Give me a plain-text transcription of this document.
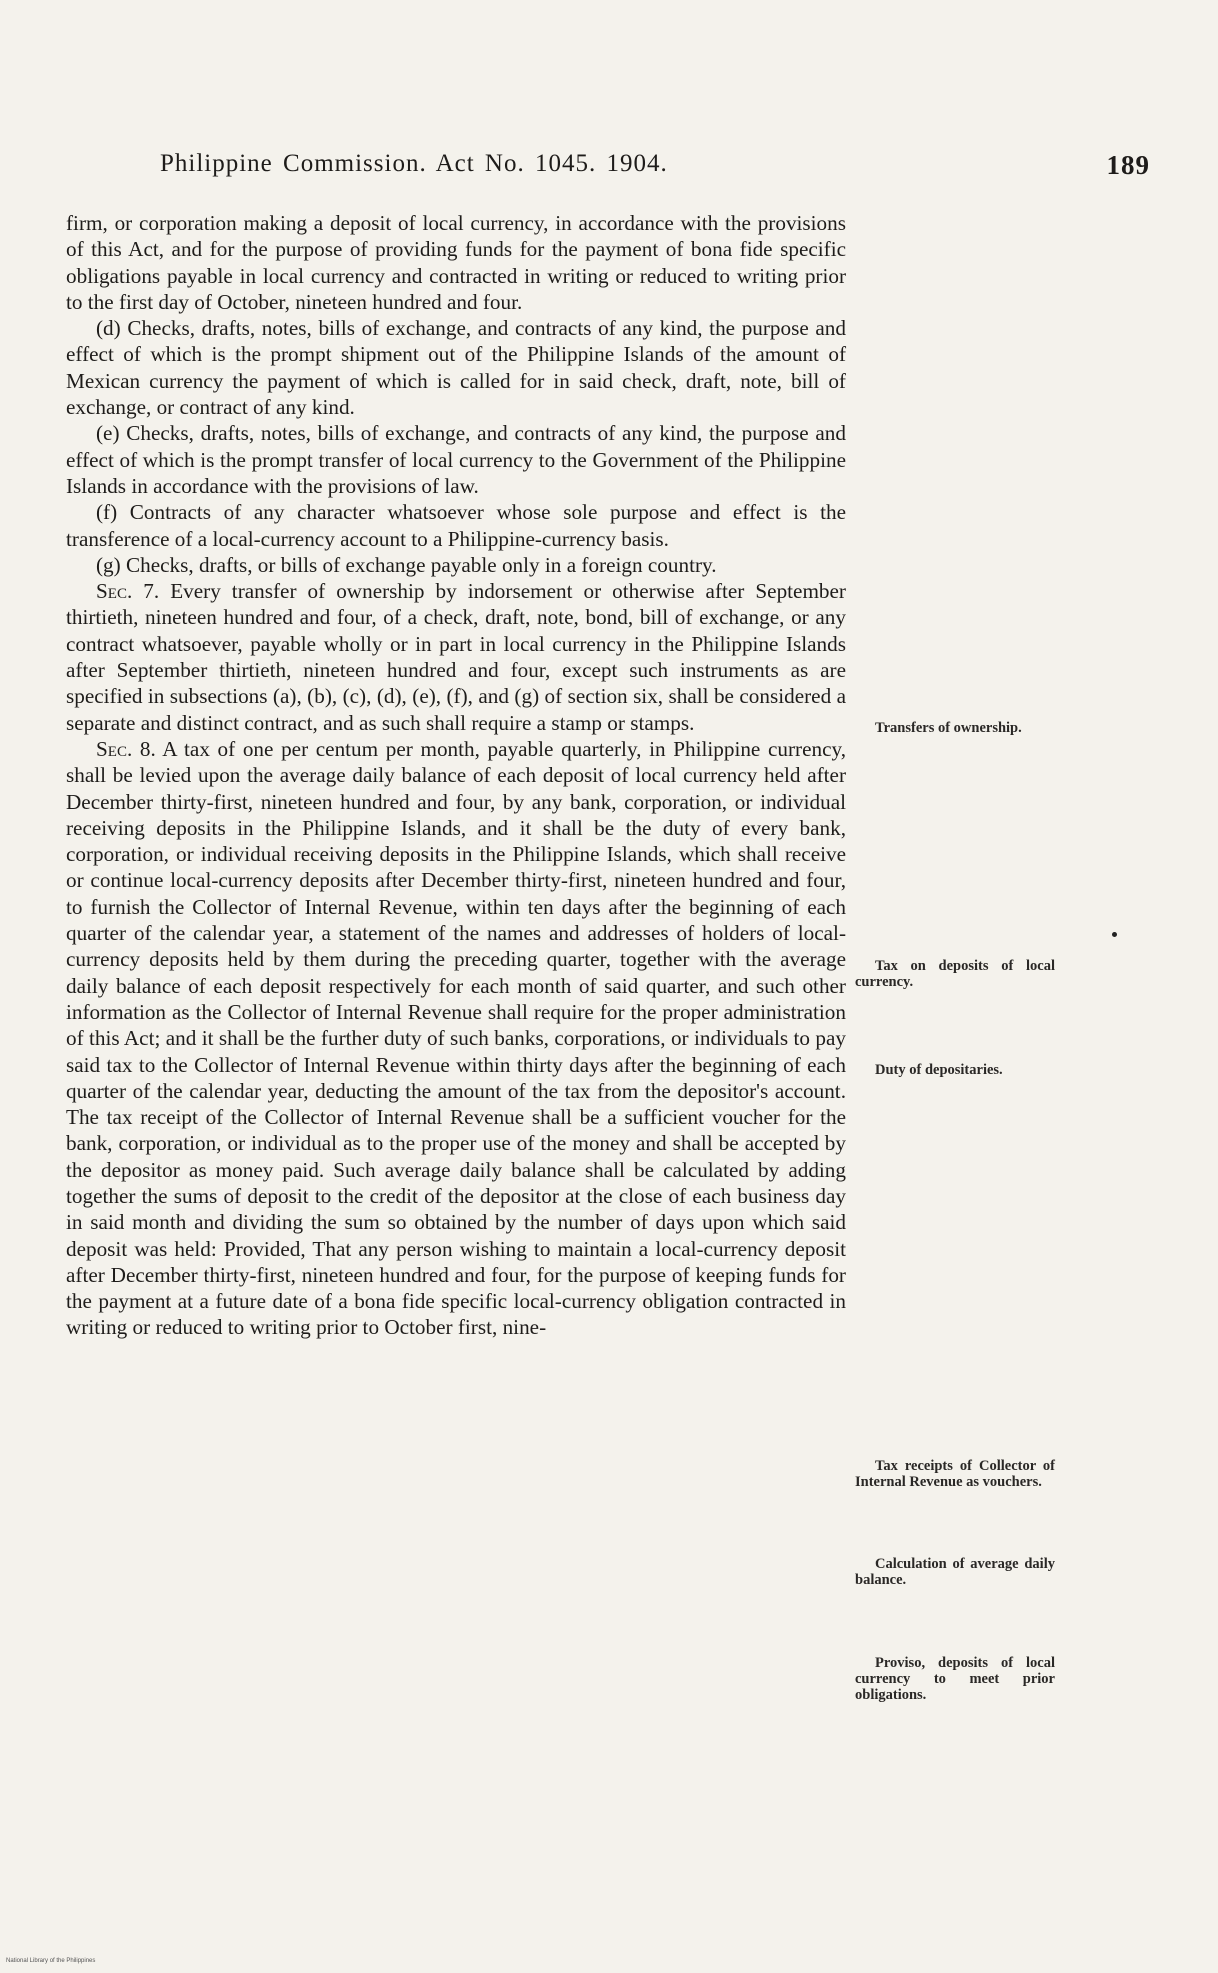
Philippine Commission. Act No. 1045. 1904.	189

firm, or corporation making a deposit of local currency, in accordance with the provisions of this Act, and for the purpose of providing funds for the payment of bona fide specific obligations payable in local currency and contracted in writing or reduced to writing prior to the first day of October, nineteen hundred and four.

(d) Checks, drafts, notes, bills of exchange, and contracts of any kind, the purpose and effect of which is the prompt shipment out of the Philippine Islands of the amount of Mexican currency the payment of which is called for in said check, draft, note, bill of exchange, or contract of any kind.

(e) Checks, drafts, notes, bills of exchange, and contracts of any kind, the purpose and effect of which is the prompt transfer of local currency to the Government of the Philippine Islands in accordance with the provisions of law.

(f) Contracts of any character whatsoever whose sole purpose and effect is the transference of a local-currency account to a Philippine-currency basis.

(g) Checks, drafts, or bills of exchange payable only in a foreign country.

Sec. 7. Every transfer of ownership by indorsement or otherwise after September thirtieth, nineteen hundred and four, of a check, draft, note, bond, bill of exchange, or any contract whatsoever, payable wholly or in part in local currency in the Philippine Islands after September thirtieth, nineteen hundred and four, except such instruments as are specified in subsections (a), (b), (c), (d), (e), (f), and (g) of section six, shall be considered a separate and distinct contract, and as such shall require a stamp or stamps.

Sec. 8. A tax of one per centum per month, payable quarterly, in Philippine currency, shall be levied upon the average daily balance of each deposit of local currency held after December thirty-first, nineteen hundred and four, by any bank, corporation, or individual receiving deposits in the Philippine Islands, and it shall be the duty of every bank, corporation, or individual receiving deposits in the Philippine Islands, which shall receive or continue local-currency deposits after December thirty-first, nineteen hundred and four, to furnish the Collector of Internal Revenue, within ten days after the beginning of each quarter of the calendar year, a statement of the names and addresses of holders of local-currency deposits held by them during the preceding quarter, together with the average daily balance of each deposit respectively for each month of said quarter, and such other information as the Collector of Internal Revenue shall require for the proper administration of this Act; and it shall be the further duty of such banks, corporations, or individuals to pay said tax to the Collector of Internal Revenue within thirty days after the beginning of each quarter of the calendar year, deducting the amount of the tax from the depositor's account. The tax receipt of the Collector of Internal Revenue shall be a sufficient voucher for the bank, corporation, or individual as to the proper use of the money and shall be accepted by the depositor as money paid. Such average daily balance shall be calculated by adding together the sums of deposit to the credit of the depositor at the close of each business day in said month and dividing the sum so obtained by the number of days upon which said deposit was held: Provided, That any person wishing to maintain a local-currency deposit after December thirty-first, nineteen hundred and four, for the purpose of keeping funds for the payment at a future date of a bona fide specific local-currency obligation contracted in writing or reduced to writing prior to October first, nine-

Transfers of ownership.
Tax on deposits of local currency.
Duty of depositaries.
Tax receipts of Collector of Internal Revenue as vouchers.
Calculation of average daily balance.
Proviso, deposits of local currency to meet prior obligations.
National Library of the Philippines
